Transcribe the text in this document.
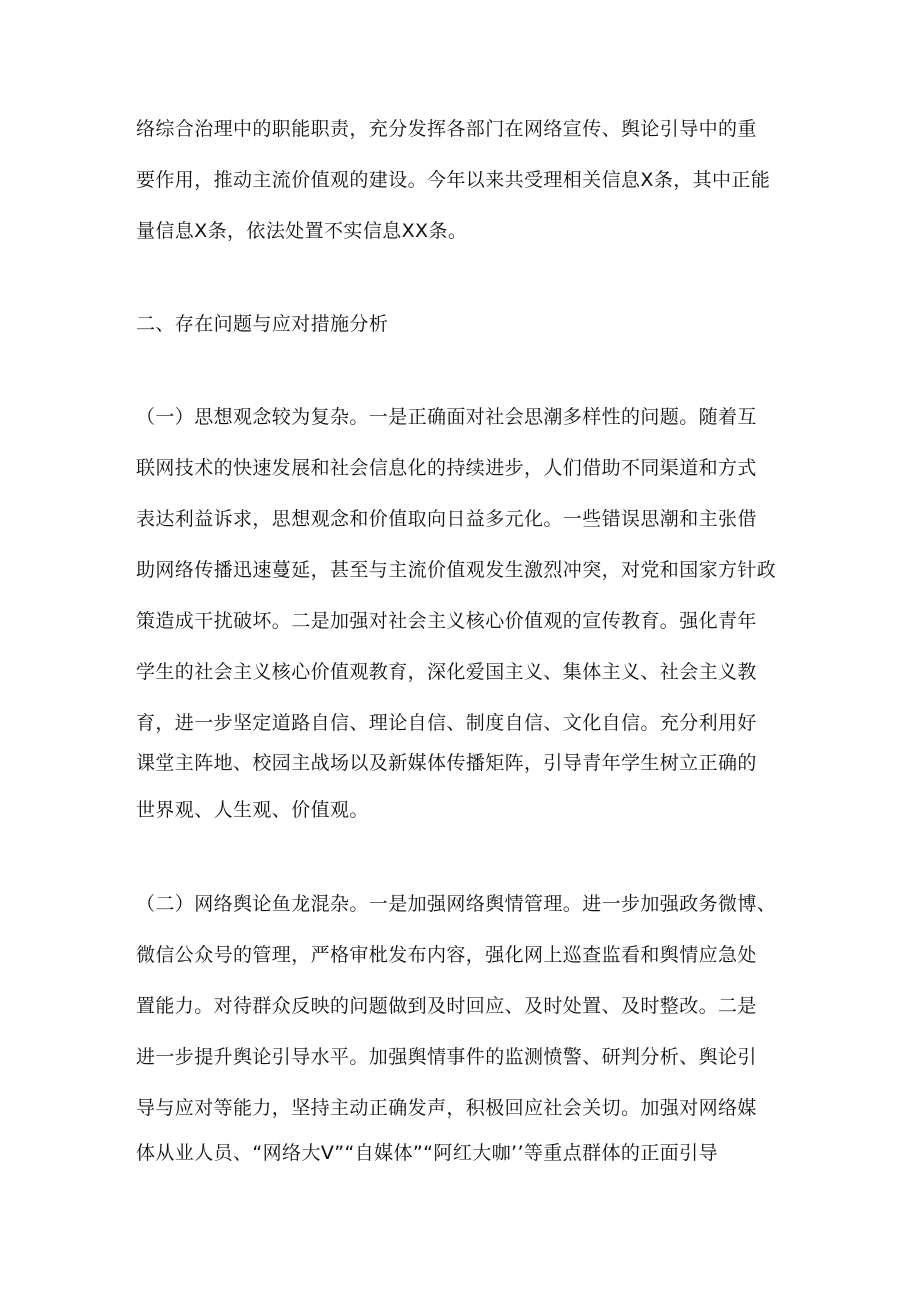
络综合治理中的职能职责，充分发挥各部门在网络宣传、舆论引导中的重
要作用，推动主流价值观的建设。今年以来共受理相关信息X条，其中正能
量信息X条，依法处置不实信息XX条。
二、存在问题与应对措施分析
（一）思想观念较为复杂。一是正确面对社会思潮多样性的问题。随着互
联网技术的快速发展和社会信息化的持续进步，人们借助不同渠道和方式
表达利益诉求，思想观念和价值取向日益多元化。一些错误思潮和主张借
助网络传播迅速蔓延，甚至与主流价值观发生激烈冲突，对党和国家方针政
策造成干扰破坏。二是加强对社会主义核心价值观的宣传教育。强化青年
学生的社会主义核心价值观教育，深化爱国主义、集体主义、社会主义教
育，进一步坚定道路自信、理论自信、制度自信、文化自信。充分利用好
课堂主阵地、校园主战场以及新媒体传播矩阵，引导青年学生树立正确的
世界观、人生观、价值观。
（二）网络舆论鱼龙混杂。一是加强网络舆情管理。进一步加强政务微博、
微信公众号的管理，严格审枇发布内容，强化网上巡查监看和舆情应急处
置能力。对待群众反映的问题做到及时回应、及时处置、及时整改。二是
进一步提升舆论引导水平。加强舆情事件的监测愤警、研判分析、舆论引
导与应对等能力，坚持主动正确发声，积极回应社会关切。加强对网络媒
体从业人员、“网络大V”“自媒体”“阿红大咖’’等重点群体的正面引导
